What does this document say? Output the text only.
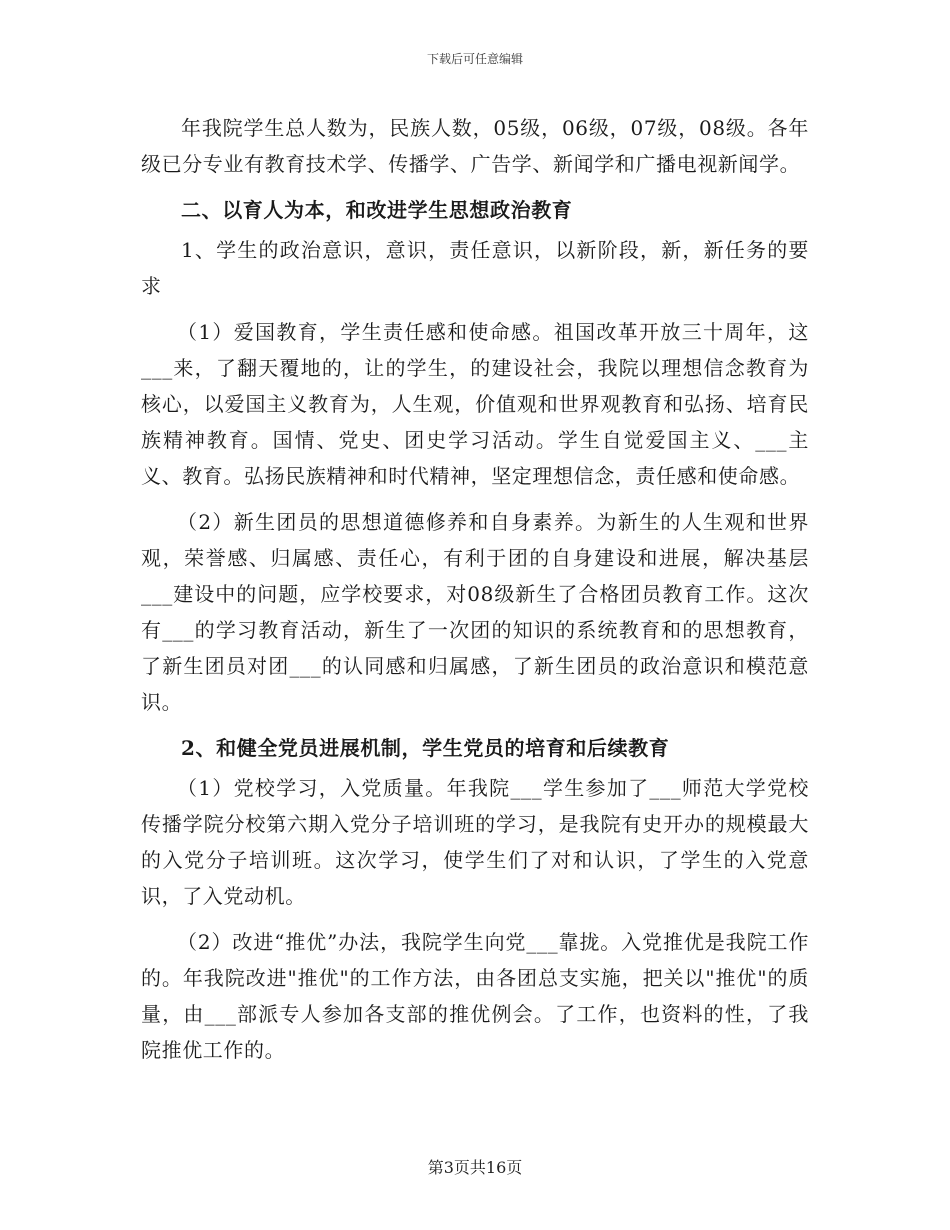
下载后可任意编辑

年我院学生总人数为，民族人数，05级，06级，07级，08级。各年级已分专业有教育技术学、传播学、广告学、新闻学和广播电视新闻学。

二、以育人为本，和改进学生思想政治教育

1、学生的政治意识，意识，责任意识，以新阶段，新，新任务的要求

（1）爱国教育，学生责任感和使命感。祖国改革开放三十周年，这___来，了翻天覆地的，让的学生，的建设社会，我院以理想信念教育为核心，以爱国主义教育为，人生观，价值观和世界观教育和弘扬、培育民族精神教育。国情、党史、团史学习活动。学生自觉爱国主义、___主义、教育。弘扬民族精神和时代精神，坚定理想信念，责任感和使命感。

（2）新生团员的思想道德修养和自身素养。为新生的人生观和世界观，荣誉感、归属感、责任心，有利于团的自身建设和进展，解决基层___建设中的问题，应学校要求，对08级新生了合格团员教育工作。这次有___的学习教育活动，新生了一次团的知识的系统教育和的思想教育，了新生团员对团___的认同感和归属感，了新生团员的政治意识和模范意识。

2、和健全党员进展机制，学生党员的培育和后续教育

（1）党校学习，入党质量。年我院___学生参加了___师范大学党校传播学院分校第六期入党分子培训班的学习，是我院有史开办的规模最大的入党分子培训班。这次学习，使学生们了对和认识，了学生的入党意识，了入党动机。

（2）改进“推优”办法，我院学生向党___靠拢。入党推优是我院工作的。年我院改进"推优"的工作方法，由各团总支实施，把关以"推优"的质量，由___部派专人参加各支部的推优例会。了工作，也资料的性，了我院推优工作的。

第3页共16页
